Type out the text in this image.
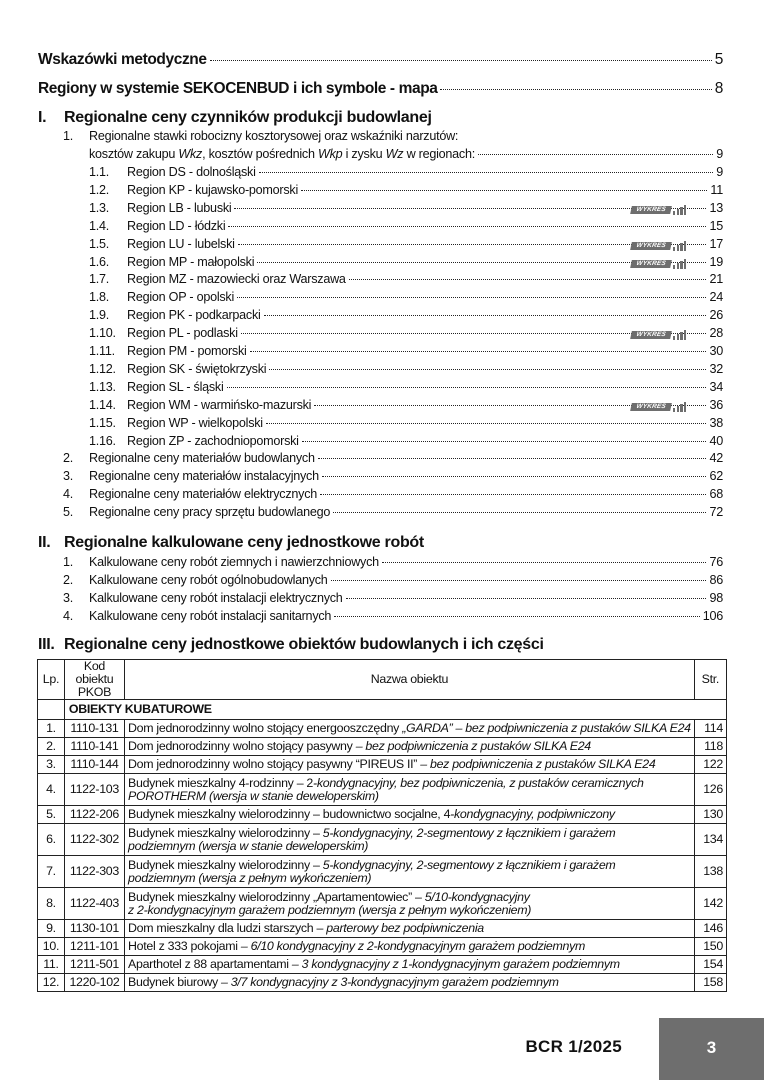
Wskazówki metodyczne	5
Regiony w systemie SEKOCENBUD i ich symbole - mapa	8
I. Regionalne ceny czynników produkcji budowlanej
1. Regionalne stawki robocizny kosztorysowej oraz wskaźniki narzutów:
kosztów zakupu Wkz, kosztów pośrednich Wkp i zysku Wz w regionach:	9
1.1.	Region DS - dolnośląski	9
1.2.	Region KP - kujawsko-pomorski	11
1.3.	Region LB - lubuski	13
WYKRES
1.4.	Region LD - łódzki	15
1.5.	Region LU - lubelski	17
WYKRES
1.6.	Region MP - małopolski	19
WYKRES
1.7.	Region MZ - mazowiecki oraz Warszawa	21
1.8.	Region OP - opolski	24
1.9.	Region PK - podkarpacki	26
1.10. Region PL - podlaski	28
WYKRES
1.11. Region PM - pomorski	30
1.12. Region SK - świętokrzyski	32
1.13. Region SL - śląski	34
1.14. Region WM - warmińsko-mazurski	36
WYKRES
1.15. Region WP - wielkopolski	38
1.16. Region ZP - zachodniopomorski	40
2.	Regionalne ceny materiałów budowlanych	42
3.	Regionalne ceny materiałów instalacyjnych	62
4.	Regionalne ceny materiałów elektrycznych	68
5.	Regionalne ceny pracy sprzętu budowlanego	72
II. Regionalne kalkulowane ceny jednostkowe robót
1.	Kalkulowane ceny robót ziemnych i nawierzchniowych	76
2.	Kalkulowane ceny robót ogólnobudowlanych	86
3.	Kalkulowane ceny robót instalacji elektrycznych	98
4.	Kalkulowane ceny robót instalacji sanitarnych	106
III. Regionalne ceny jednostkowe obiektów budowlanych i ich części
Lp.	Kod obiektu
PKOB	Nazwa obiektu	Str.
	OBIEKTY KUBATUROWE		
1.	1110-131	Dom jednorodzinny wolno stojący energooszczędny „GARDA” – bez podpiwniczenia z pustaków SILKA E24	114
2.	1110-141	Dom jednorodzinny wolno stojący pasywny – bez podpiwniczenia z pustaków SILKA E24	118
3.	1110-144	Dom jednorodzinny wolno stojący pasywny “PIREUS II” – bez podpiwniczenia z pustaków SILKA E24	122
4.	1122-103	Budynek mieszkalny 4-rodzinny – 2-kondygnacyjny, bez podpiwniczenia, z pustaków ceramicznych
POROTHERM (wersja w stanie deweloperskim)	126
5.	1122-206	Budynek mieszkalny wielorodzinny – budownictwo socjalne, 4-kondygnacyjny, podpiwniczony	130
6.	1122-302	Budynek mieszkalny wielorodzinny – 5-kondygnacyjny, 2-segmentowy z łącznikiem i garażem
podziemnym (wersja w stanie deweloperskim)	134
7.	1122-303	Budynek mieszkalny wielorodzinny – 5-kondygnacyjny, 2-segmentowy z łącznikiem i garażem
podziemnym (wersja z pełnym wykończeniem)	138
8.	1122-403	Budynek mieszkalny wielorodzinny „Apartamentowiec” – 5/10-kondygnacyjny
z 2-kondygnacyjnym garażem podziemnym (wersja z pełnym wykończeniem)	142
9.	1130-101	Dom mieszkalny dla ludzi starszych – parterowy bez podpiwniczenia	146
10.	1211-101	Hotel z 333 pokojami – 6/10 kondygnacyjny z 2-kondygnacyjnym garażem podziemnym	150
11.	1211-501	Aparthotel z 88 apartamentami – 3 kondygnacyjny z 1-kondygnacyjnym garażem podziemnym	154
12.	1220-102	Budynek biurowy – 3/7 kondygnacyjny z 3-kondygnacyjnym garażem podziemnym	158
BCR 1/2025	3
